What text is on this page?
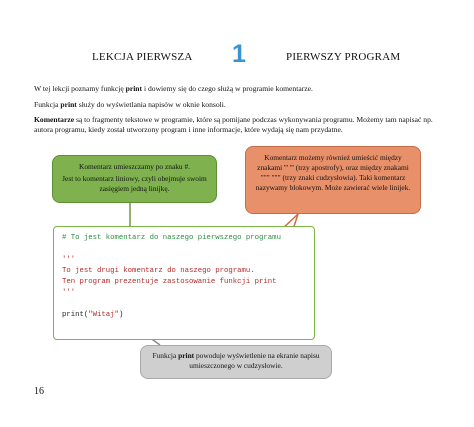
LEKCJA PIERWSZA 1	PIERWSZY PROGRAM

W tej lekcji poznamy funkcję print i dowiemy się do czego służą w programie komentarze.

Funkcja print służy do wyświetlania napisów w oknie konsoli.

Komentarze są to fragmenty tekstowe w programie, które są pomijane podczas wykonywania programu. Możemy tam napisać np. autora programu, kiedy został utworzony program i inne informacje, które wydają się nam przydatne.

Komentarz umieszczamy po znaku #.
Jest to komentarz liniowy, czyli obejmuje swoim zasięgiem jedną linijkę.
Komentarz możemy również umieścić między znakami ''' ''' (trzy apostrofy), oraz między znakami """ """ (trzy znaki cudzysłowia). Taki komentarz nazywamy blokowym. Może zawierać wiele linijek.
# To jest komentarz do naszego pierwszego programu

'''
To jest drugi komentarz do naszego programu.
Ten program prezentuje zastosowanie funkcji print
'''

print("Witaj")
Funkcja print powoduje wyświetlenie na ekranie napisu umieszczonego w cudzysłowie.
16
